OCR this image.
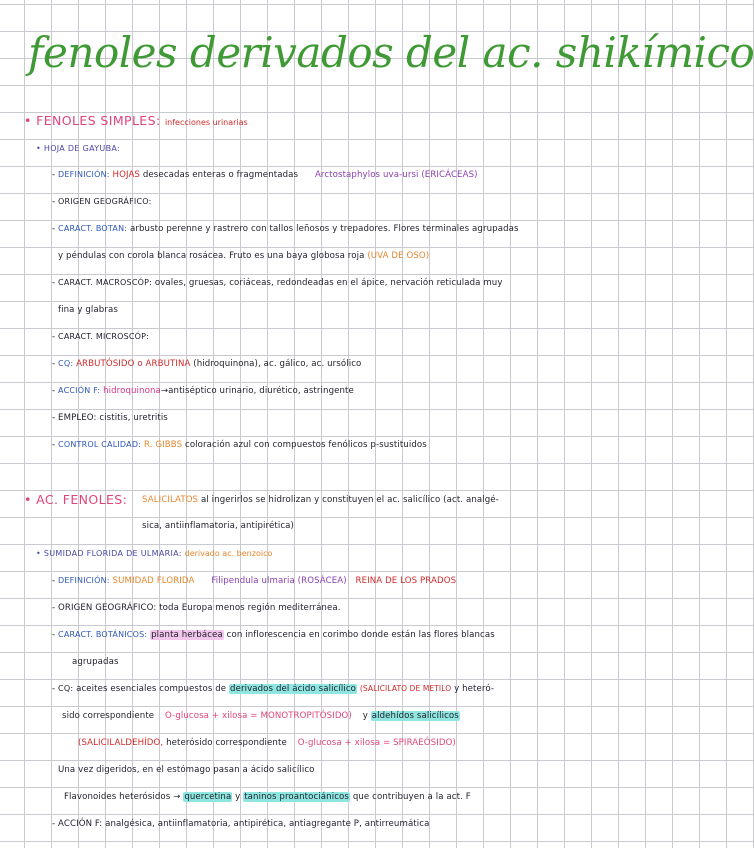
fenoles derivados del ac. shikímico
• FENOLES SIMPLES: infecciones urinarias
• HOJA DE GAYUBA:
- DEFINICIÓN: HOJAS desecadas enteras o fragmentadas Arctostaphylos uva-ursi (ERICÁCEAS)
- ORIGEN GEOGRÁFICO:
- CARACT. BOTAN: arbusto perenne y rastrero con tallos leñosos y trepadores. Flores terminales agrupadas
y péndulas con corola blanca rosácea. Fruto es una baya globosa roja (UVA DE OSO)
- CARACT. MACROSCÓP: ovales, gruesas, coriáceas, redondeadas en el ápice, nervación reticulada muy
fina y glabras
- CARACT. MICROSCÓP:
- CQ: ARBUTÓSIDO o ARBUTINA (hidroquinona), ac. gálico, ac. ursólico
- ACCIÓN F: hidroquinona→antiséptico urinario, diurético, astringente
- EMPLEO: cistitis, uretritis
- CONTROL CALIDAD: R. GIBBS coloración azul con compuestos fenólicos p-sustituidos
• AC. FENOLES: SALICILATOS al ingerirlos se hidrolizan y constituyen el ac. salicílico (act. analgé-
sica, antiinflamatoria, antipirética)
• SUMIDAD FLORIDA DE ULMARIA: derivado ac. benzoico
- DEFINICIÓN: SUMIDAD FLORIDA Filipendula ulmaria (ROSÁCEA) REINA DE LOS PRADOS
- ORIGEN GEOGRÁFICO: toda Europa menos región mediterránea.
- CARACT. BOTÁNICOS: planta herbácea con inflorescencia en corimbo donde están las flores blancas
agrupadas
- CQ: aceites esenciales compuestos de derivados del ácido salicílico (SALICILATO DE METILO y heteró-
sido correspondiente O-glucosa + xilosa = MONOTROPITÓSIDO) y aldehídos salicílicos
(SALICILALDEHÍDO, heterósido correspondiente O-glucosa + xilosa = SPIRAEÓSIDO)
Una vez digeridos, en el estómago pasan a ácido salicílico
Flavonoides heterósidos → quercetina y taninos proantociánicos que contribuyen a la act. F
- ACCIÓN F: analgésica, antiinflamatoria, antipirética, antiagregante P, antirreumática
